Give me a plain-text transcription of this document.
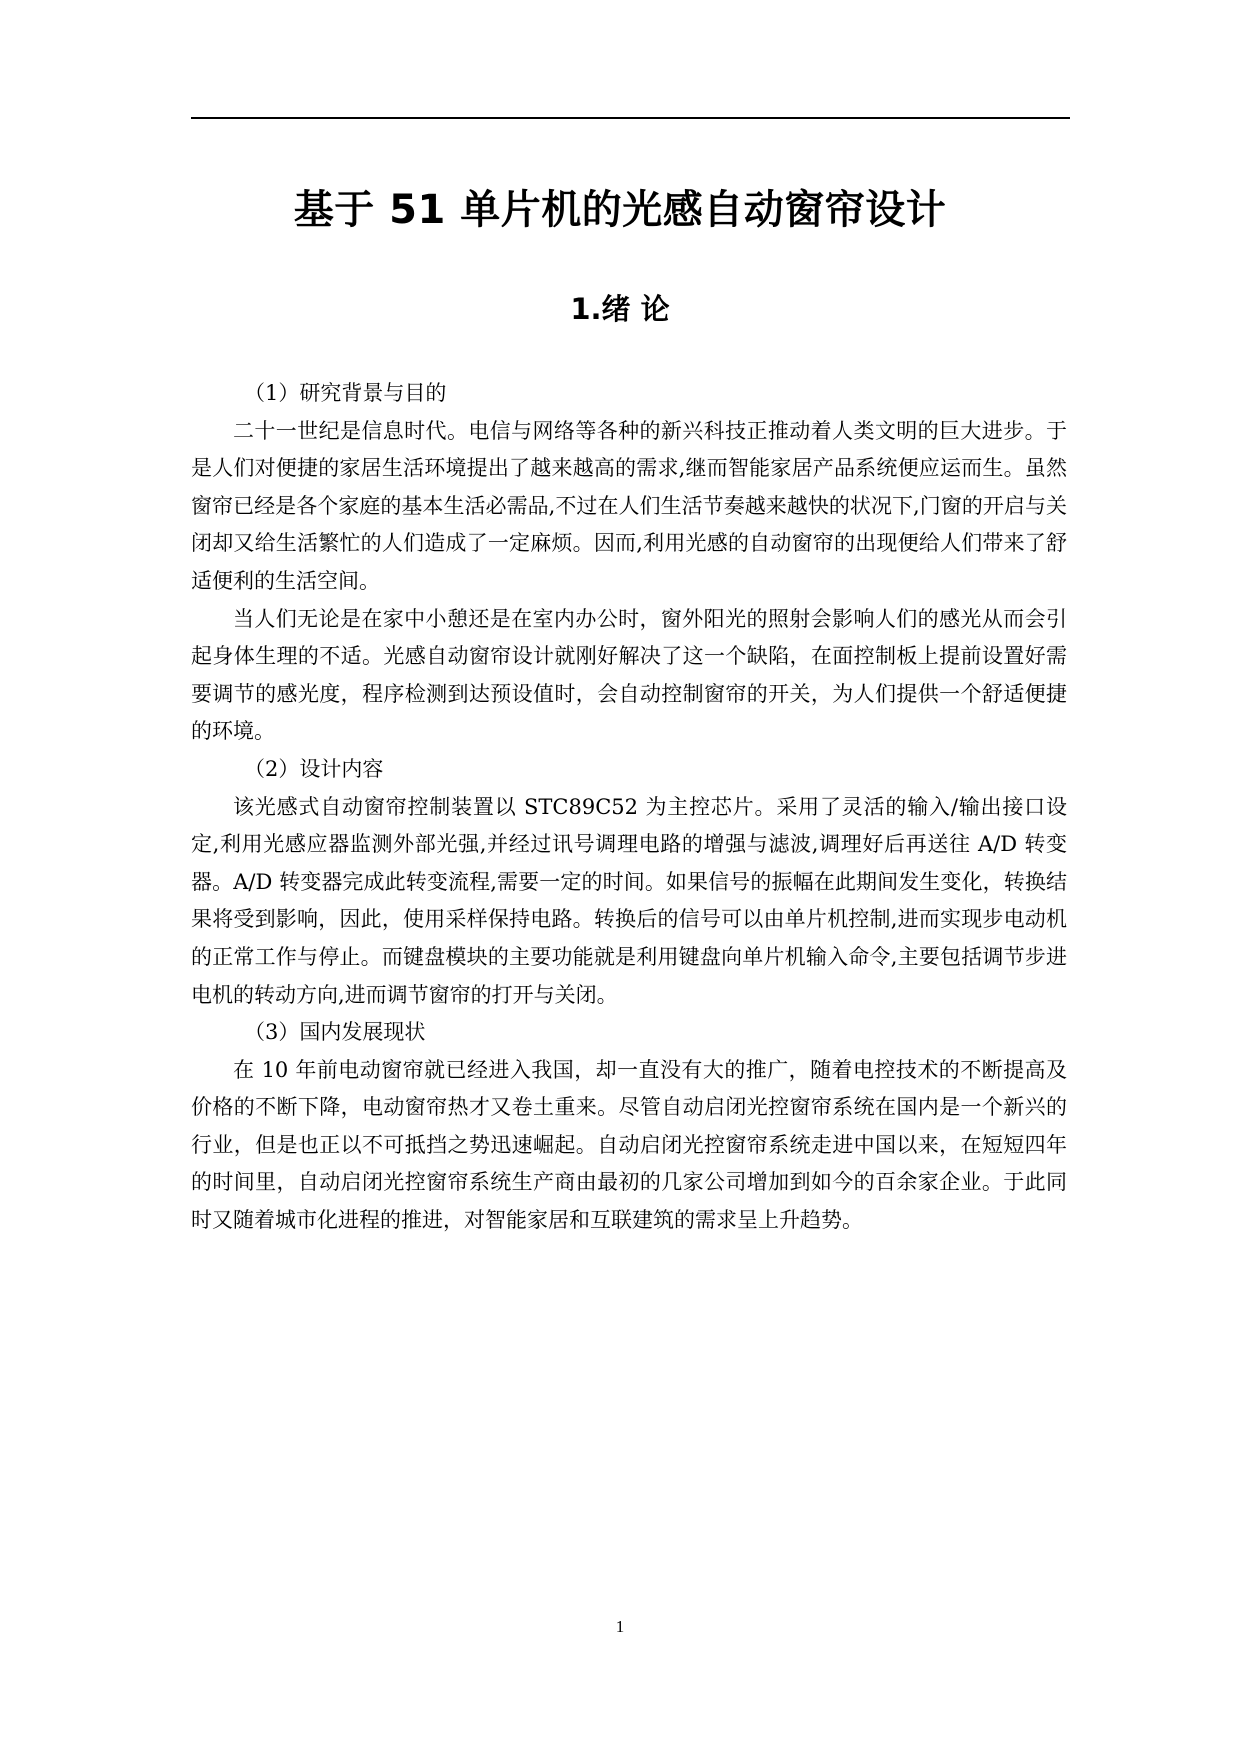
基于 51 单片机的光感自动窗帘设计
1.绪 论
（1）研究背景与目的

二十一世纪是信息时代。电信与网络等各种的新兴科技正推动着人类文明的巨大进步。于是人们对便捷的家居生活环境提出了越来越高的需求,继而智能家居产品系统便应运而生。虽然窗帘已经是各个家庭的基本生活必需品,不过在人们生活节奏越来越快的状况下,门窗的开启与关闭却又给生活繁忙的人们造成了一定麻烦。因而,利用光感的自动窗帘的出现便给人们带来了舒适便利的生活空间。

当人们无论是在家中小憩还是在室内办公时，窗外阳光的照射会影响人们的感光从而会引起身体生理的不适。光感自动窗帘设计就刚好解决了这一个缺陷，在面控制板上提前设置好需要调节的感光度，程序检测到达预设值时，会自动控制窗帘的开关，为人们提供一个舒适便捷的环境。

（2）设计内容

该光感式自动窗帘控制装置以 STC89C52 为主控芯片。采用了灵活的输入/输出接口设定,利用光感应器监测外部光强,并经过讯号调理电路的增强与滤波,调理好后再送往 A/D 转变器。A/D 转变器完成此转变流程,需要一定的时间。如果信号的振幅在此期间发生变化，转换结果将受到影响，因此，使用采样保持电路。转换后的信号可以由单片机控制,进而实现步电动机的正常工作与停止。而键盘模块的主要功能就是利用键盘向单片机输入命令,主要包括调节步进电机的转动方向,进而调节窗帘的打开与关闭。

（3）国内发展现状

在 10 年前电动窗帘就已经进入我国，却一直没有大的推广，随着电控技术的不断提高及价格的不断下降，电动窗帘热才又卷土重来。尽管自动启闭光控窗帘系统在国内是一个新兴的行业，但是也正以不可抵挡之势迅速崛起。自动启闭光控窗帘系统走进中国以来，在短短四年的时间里，自动启闭光控窗帘系统生产商由最初的几家公司增加到如今的百余家企业。于此同时又随着城市化进程的推进，对智能家居和互联建筑的需求呈上升趋势。

1
